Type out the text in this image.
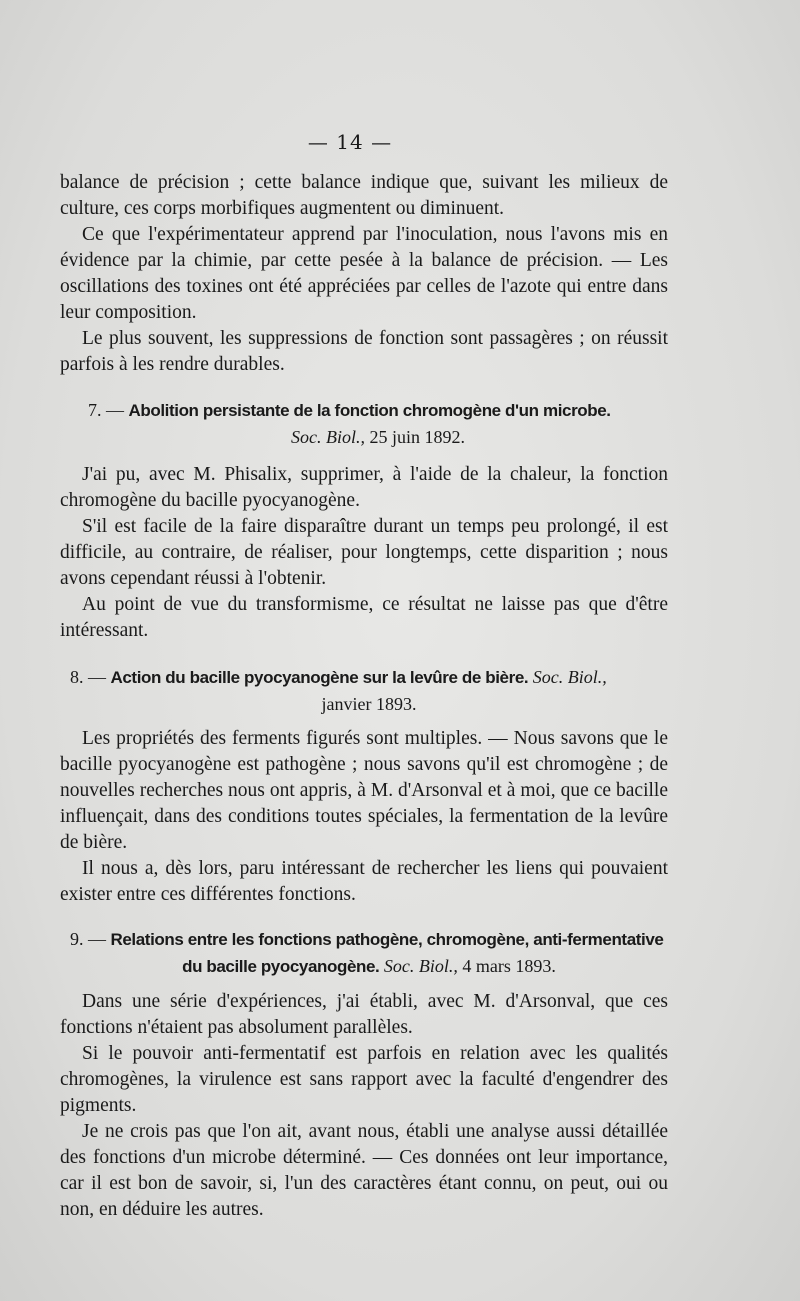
— 14 —

balance de précision ; cette balance indique que, suivant les milieux de culture, ces corps morbifiques augmentent ou diminuent.

Ce que l'expérimentateur apprend par l'inoculation, nous l'avons mis en évidence par la chimie, par cette pesée à la balance de précision. — Les oscillations des toxines ont été appréciées par celles de l'azote qui entre dans leur composition.

Le plus souvent, les suppressions de fonction sont passagères ; on réussit parfois à les rendre durables.

7. — Abolition persistante de la fonction chromogène d'un microbe.
Soc. Biol., 25 juin 1892.

J'ai pu, avec M. Phisalix, supprimer, à l'aide de la chaleur, la fonction chromogène du bacille pyocyanogène.

S'il est facile de la faire disparaître durant un temps peu prolongé, il est difficile, au contraire, de réaliser, pour longtemps, cette disparition ; nous avons cependant réussi à l'obtenir.

Au point de vue du transformisme, ce résultat ne laisse pas que d'être intéressant.

8. — Action du bacille pyocyanogène sur la levûre de bière. Soc. Biol.,
janvier 1893.

Les propriétés des ferments figurés sont multiples. — Nous savons que le bacille pyocyanogène est pathogène ; nous savons qu'il est chromogène ; de nouvelles recherches nous ont appris, à M. d'Arsonval et à moi, que ce bacille influençait, dans des conditions toutes spéciales, la fermentation de la levûre de bière.

Il nous a, dès lors, paru intéressant de rechercher les liens qui pouvaient exister entre ces différentes fonctions.

9. — Relations entre les fonctions pathogène, chromogène, anti-fermentative
du bacille pyocyanogène. Soc. Biol., 4 mars 1893.

Dans une série d'expériences, j'ai établi, avec M. d'Arsonval, que ces fonctions n'étaient pas absolument parallèles.

Si le pouvoir anti-fermentatif est parfois en relation avec les qualités chromogènes, la virulence est sans rapport avec la faculté d'engendrer des pigments.

Je ne crois pas que l'on ait, avant nous, établi une analyse aussi détaillée des fonctions d'un microbe déterminé. — Ces données ont leur importance, car il est bon de savoir, si, l'un des caractères étant connu, on peut, oui ou non, en déduire les autres.
